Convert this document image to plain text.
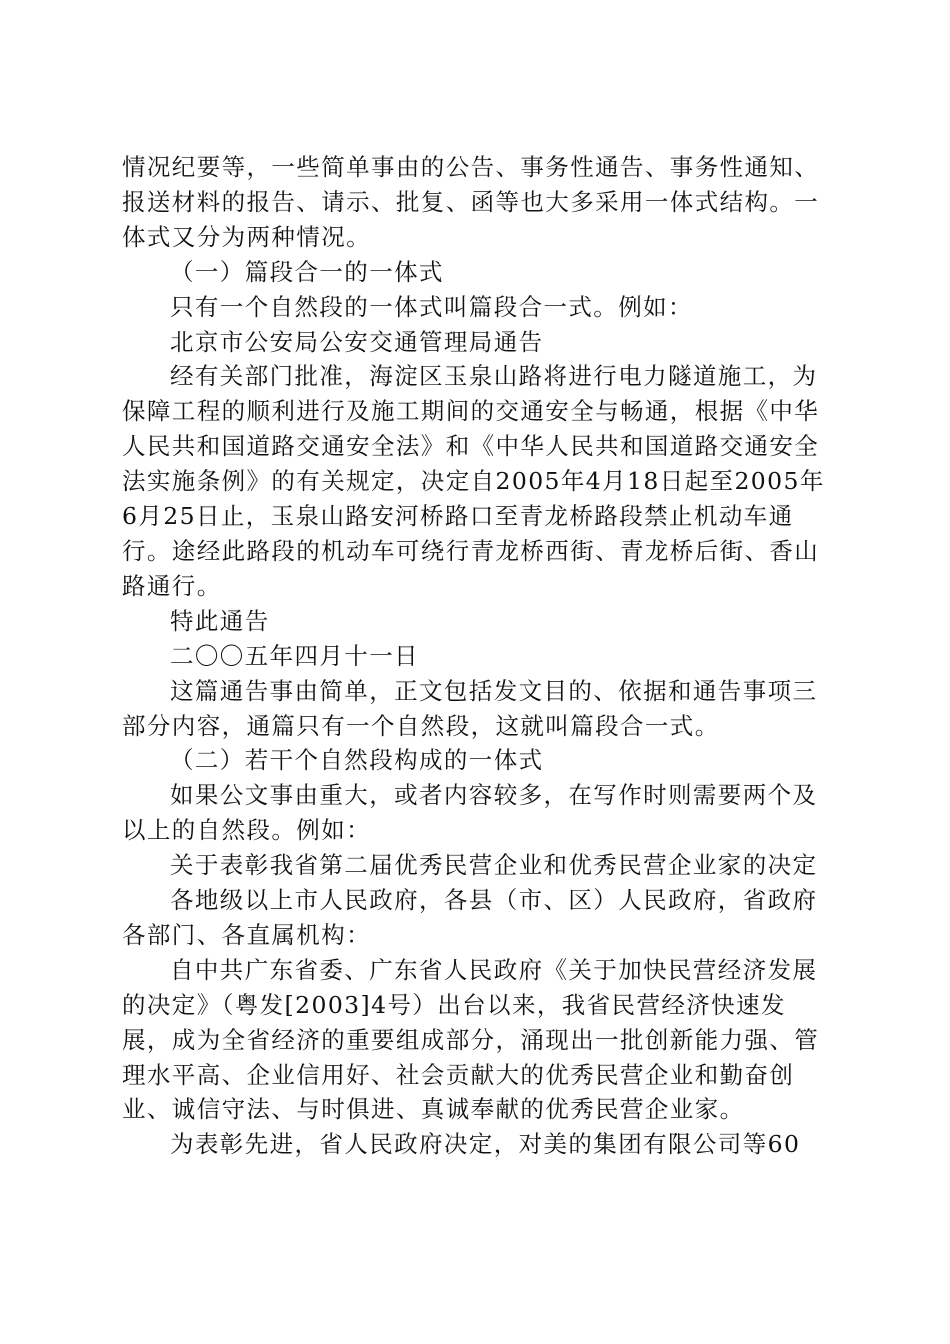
情况纪要等，一些简单事由的公告、事务性通告、事务性通知、报送材料的报告、请示、批复、函等也大多采用一体式结构。一体式又分为两种情况。

（一）篇段合一的一体式

只有一个自然段的一体式叫篇段合一式。例如：

北京市公安局公安交通管理局通告

经有关部门批准，海淀区玉泉山路将进行电力隧道施工，为保障工程的顺利进行及施工期间的交通安全与畅通，根据《中华人民共和国道路交通安全法》和《中华人民共和国道路交通安全法实施条例》的有关规定，决定自2005年4月18日起至2005年6月25日止，玉泉山路安河桥路口至青龙桥路段禁止机动车通行。途经此路段的机动车可绕行青龙桥西街、青龙桥后街、香山路通行。

特此通告

二〇〇五年四月十一日

这篇通告事由简单，正文包括发文目的、依据和通告事项三部分内容，通篇只有一个自然段，这就叫篇段合一式。

（二）若干个自然段构成的一体式

如果公文事由重大，或者内容较多，在写作时则需要两个及以上的自然段。例如：

关于表彰我省第二届优秀民营企业和优秀民营企业家的决定

各地级以上市人民政府，各县（市、区）人民政府，省政府各部门、各直属机构：

自中共广东省委、广东省人民政府《关于加快民营经济发展的决定》（粤发[2003]4号）出台以来，我省民营经济快速发展，成为全省经济的重要组成部分，涌现出一批创新能力强、管理水平高、企业信用好、社会贡献大的优秀民营企业和勤奋创业、诚信守法、与时俱进、真诚奉献的优秀民营企业家。

为表彰先进，省人民政府决定，对美的集团有限公司等60
